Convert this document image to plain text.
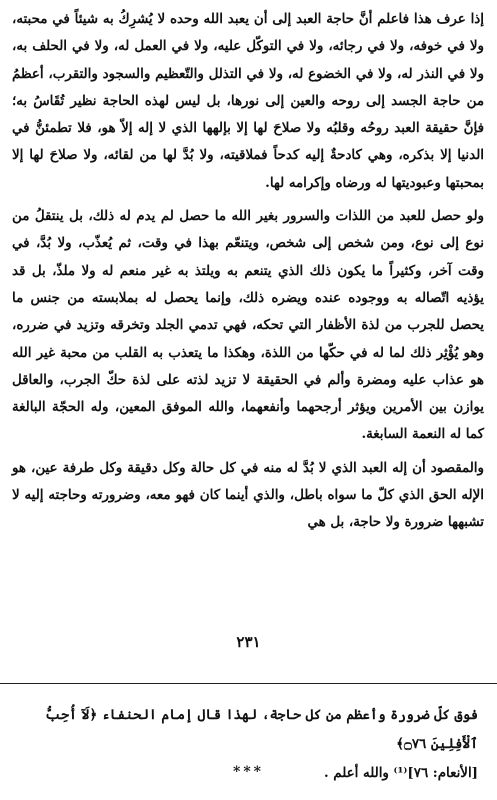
إذا عرف هذا فاعلم أنَّ حاجة العبد إلى أن يعبد الله وحده لا يُشرِكُ به شيئاً في محبته، ولا في خوفه، ولا في رجائه، ولا في التوكّل عليه، ولا في العمل له، ولا في الحلف به، ولا في النذر له، ولا في الخضوع له، ولا في التذلل والتّعظيم والسجود والتقرب، أعظمُ من حاجة الجسد إلى روحه والعين إلى نورها، بل ليس لهذه الحاجة نظير تُقَاسُ به؛ فإنَّ حقيقة العبد روحُه وقلبُه ولا صلاحَ لها إلا بإلهها الذي لا إله إلاّ هو، فلا تطمئنُّ في الدنيا إلا بذكره، وهي كادحةٌ إليه كدحاً فملاقيته، ولا بُدَّ لها من لقائه، ولا صلاحَ لها إلا بمحبتها وعبوديتها له ورضاه وإكرامه لها.

ولو حصل للعبد من اللذات والسرور بغير الله ما حصل لم يدم له ذلك، بل ينتقلُ من نوع إلى نوع، ومن شخص إلى شخص، ويتنعّم بهذا في وقت، ثم يُعذّب، ولا بُدَّ، في وقت آخر، وكثيراً ما يكون ذلك الذي يتنعم به ويلتذ به غير منعم له ولا ملذّ، بل قد يؤذيه اتّصاله به ووجوده عنده ويضره ذلك، وإنما يحصل له بملابسته من جنس ما يحصل للجرب من لذة الأظفار التي تحكه، فهي تدمي الجلد وتخرقه وتزيد في ضرره، وهو يُؤْثِر ذلك لما له في حكّها من اللذة، وهكذا ما يتعذب به القلب من محبة غير الله هو عذاب عليه ومضرة وألم في الحقيقة لا تزيد لذته على لذة حكّ الجرب، والعاقل يوازن بين الأمرين ويؤثر أرجحهما وأنفعهما، والله الموفق المعين، وله الحجّة البالغة كما له النعمة السابغة.

والمقصود أن إله العبد الذي لا بُدَّ له منه في كل حالة وكل دقيقة وكل طرفة عين، هو الإله الحق الذي كلّ ما سواه باطل، والذي أينما كان فهو معه، وضرورته وحاجته إليه لا تشبهها ضرورة ولا حاجة، بل هي

٢٣١

فوق كلّ ضرورة وأعظم من كل حاجة، لهذا قال إمام الحنفاء ﴿لَآ أُحِبُّ ٱلْأَفِلِينَ ۝٧٦﴾

[الأنعام: ٧٦]⁽¹⁾ والله أعلم .

***
